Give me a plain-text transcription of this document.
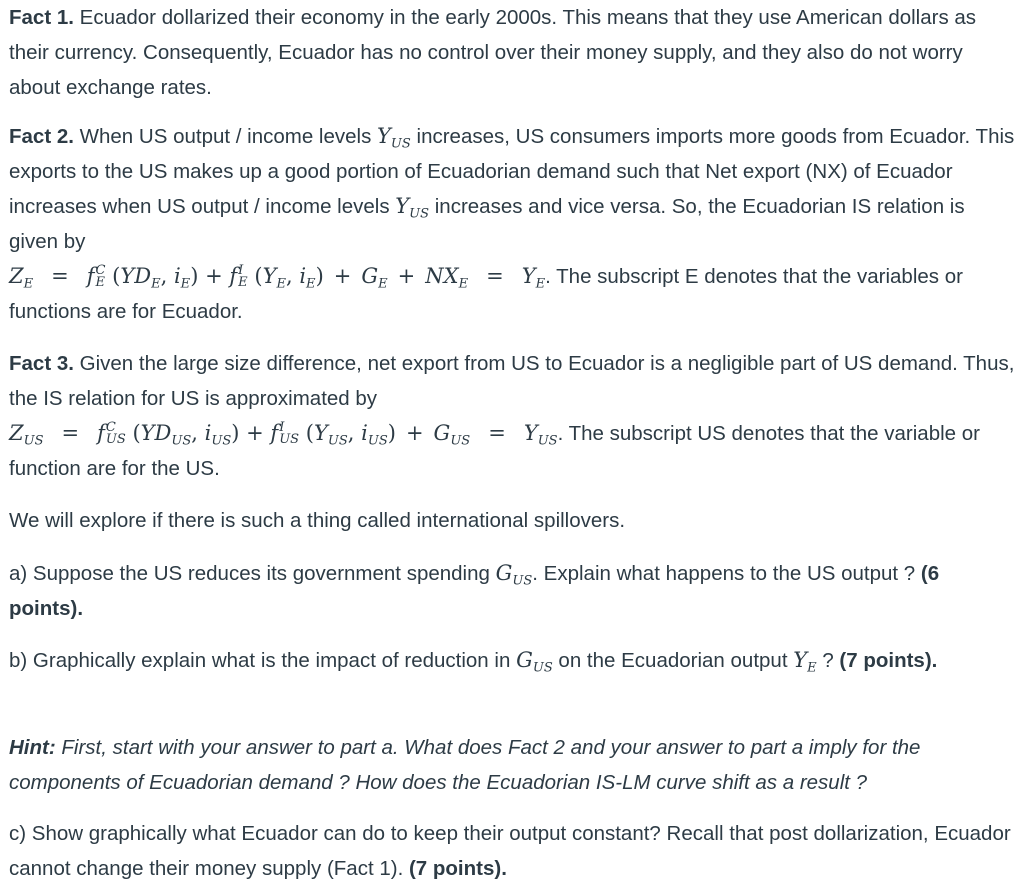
Fact 1. Ecuador dollarized their economy in the early 2000s. This means that they use American dollars as their currency. Consequently, Ecuador has no control over their money supply, and they also do not worry about exchange rates.

Fact 2. When US output / income levels $Y_{US}$ increases, US consumers imports more goods from Ecuador. This exports to the US makes up a good portion of Ecuadorian demand such that Net export (NX) of Ecuador increases when US output / income levels $Y_{US}$ increases and vice versa. So, the Ecuadorian IS relation is given by
$Z_E = f$ C
E ($YD_E$, $i_E) + f$ I
E ($Y_E$, $i_E) + G_E + NX_E = Y_E$. The subscript E denotes that the variables or functions are for Ecuador.

Fact 3. Given the large size difference, net export from US to Ecuador is a negligible part of US demand. Thus, the IS relation for US is approximated by
$Z_{US} = f$ C
US ($YD_{US}$, $i_{US}) + f$ I
US ($Y_{US}$, $i_{US}) + G_{US} = Y_{US}$. The subscript US denotes that the variable or function are for the US.

We will explore if there is such a thing called international spillovers.

a) Suppose the US reduces its government spending $G_{US}$. Explain what happens to the US output ? (6 points).

b) Graphically explain what is the impact of reduction in $G_{US}$ on the Ecuadorian output $Y_E$ ? (7 points).

Hint: First, start with your answer to part a. What does Fact 2 and your answer to part a imply for the components of Ecuadorian demand ? How does the Ecuadorian IS-LM curve shift as a result ?

c) Show graphically what Ecuador can do to keep their output constant? Recall that post dollarization, Ecuador cannot change their money supply (Fact 1). (7 points).
